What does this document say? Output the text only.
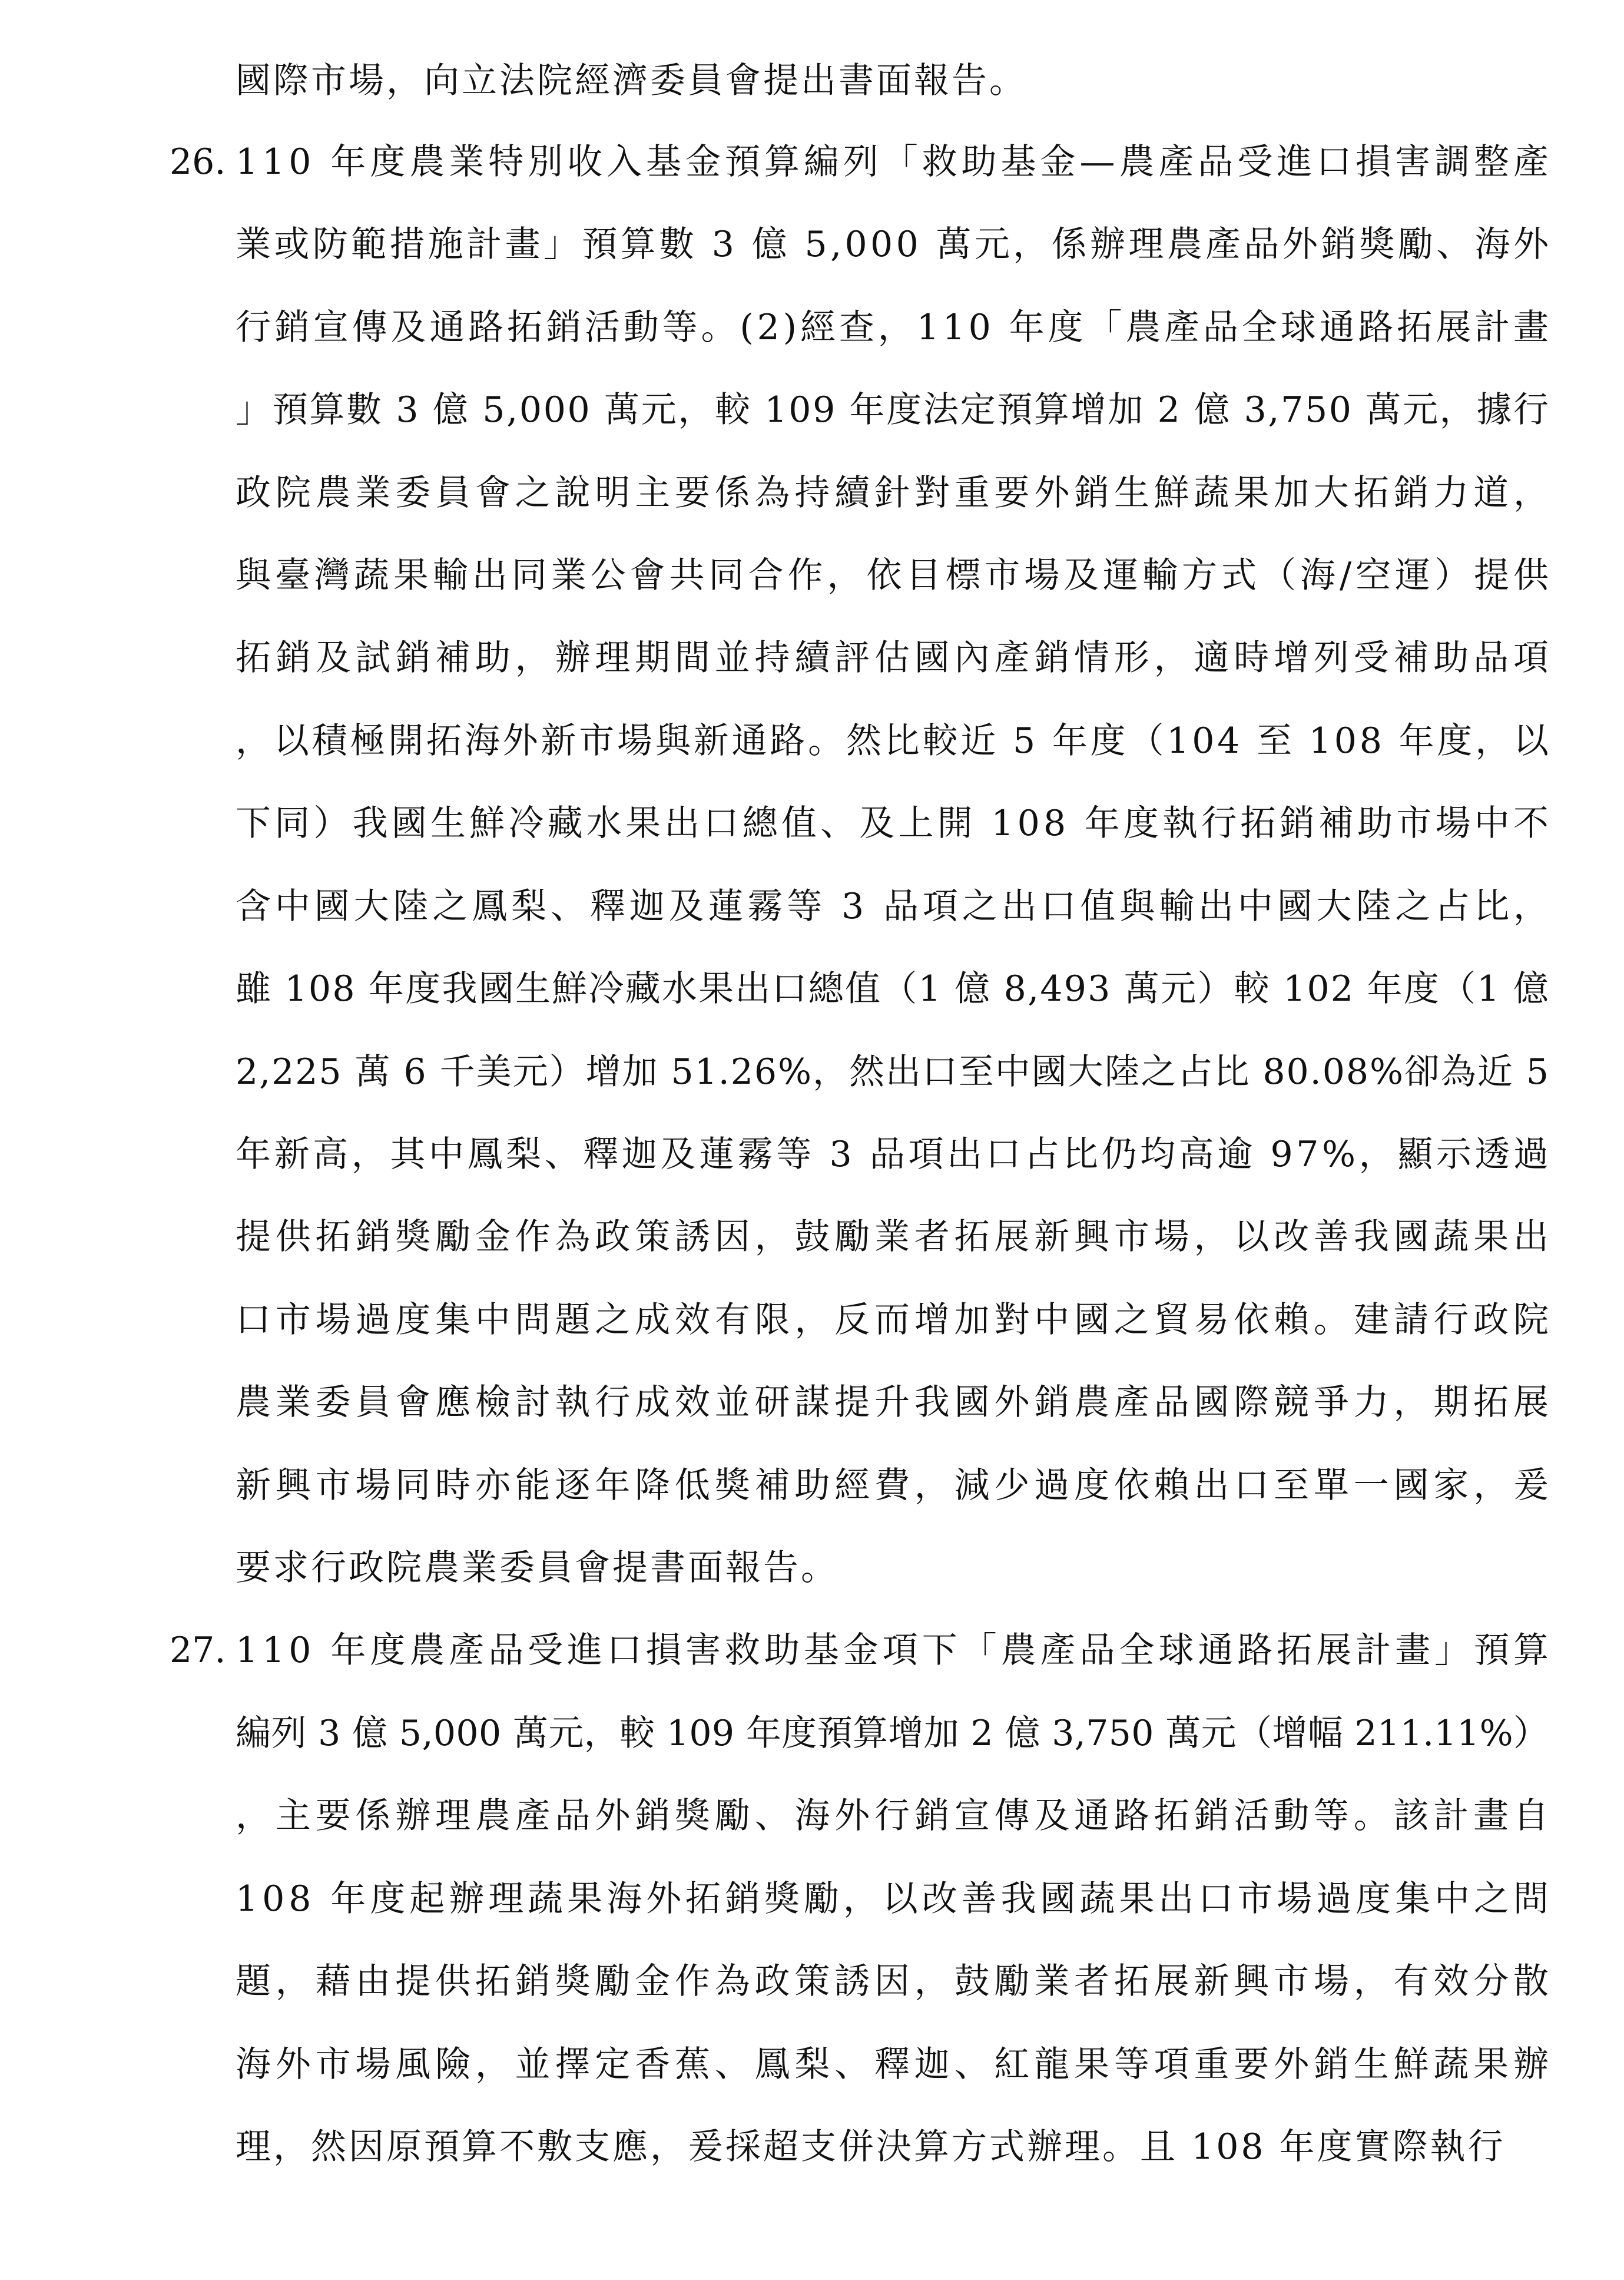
國際市場，向立法院經濟委員會提出書面報告。
26. 110 年度農業特別收入基金預算編列「救助基金—農產品受進口損害調整產
業或防範措施計畫」預算數 3 億 5,000 萬元，係辦理農產品外銷獎勵、海外
行銷宣傳及通路拓銷活動等。(2)經查，110 年度「農產品全球通路拓展計畫
」預算數 3 億 5,000 萬元，較 109 年度法定預算增加 2 億 3,750 萬元，據行
政院農業委員會之說明主要係為持續針對重要外銷生鮮蔬果加大拓銷力道，
與臺灣蔬果輸出同業公會共同合作，依目標市場及運輸方式（海/空運）提供
拓銷及試銷補助，辦理期間並持續評估國內產銷情形，適時增列受補助品項
，以積極開拓海外新市場與新通路。然比較近 5 年度（104 至 108 年度，以
下同）我國生鮮冷藏水果出口總值、及上開 108 年度執行拓銷補助市場中不
含中國大陸之鳳梨、釋迦及蓮霧等 3 品項之出口值與輸出中國大陸之占比，
雖 108 年度我國生鮮冷藏水果出口總值（1 億 8,493 萬元）較 102 年度（1 億
2,225 萬 6 千美元）增加 51.26%，然出口至中國大陸之占比 80.08%卻為近 5
年新高，其中鳳梨、釋迦及蓮霧等 3 品項出口占比仍均高逾 97%，顯示透過
提供拓銷獎勵金作為政策誘因，鼓勵業者拓展新興市場，以改善我國蔬果出
口市場過度集中問題之成效有限，反而增加對中國之貿易依賴。建請行政院
農業委員會應檢討執行成效並研謀提升我國外銷農產品國際競爭力，期拓展
新興市場同時亦能逐年降低獎補助經費，減少過度依賴出口至單一國家，爰
要求行政院農業委員會提書面報告。
27. 110 年度農產品受進口損害救助基金項下「農產品全球通路拓展計畫」預算
編列 3 億 5,000 萬元，較 109 年度預算增加 2 億 3,750 萬元（增幅 211.11%）
，主要係辦理農產品外銷獎勵、海外行銷宣傳及通路拓銷活動等。該計畫自
108 年度起辦理蔬果海外拓銷獎勵，以改善我國蔬果出口市場過度集中之問
題，藉由提供拓銷獎勵金作為政策誘因，鼓勵業者拓展新興市場，有效分散
海外市場風險，並擇定香蕉、鳳梨、釋迦、紅龍果等項重要外銷生鮮蔬果辦
理，然因原預算不敷支應，爰採超支併決算方式辦理。且 108 年度實際執行
